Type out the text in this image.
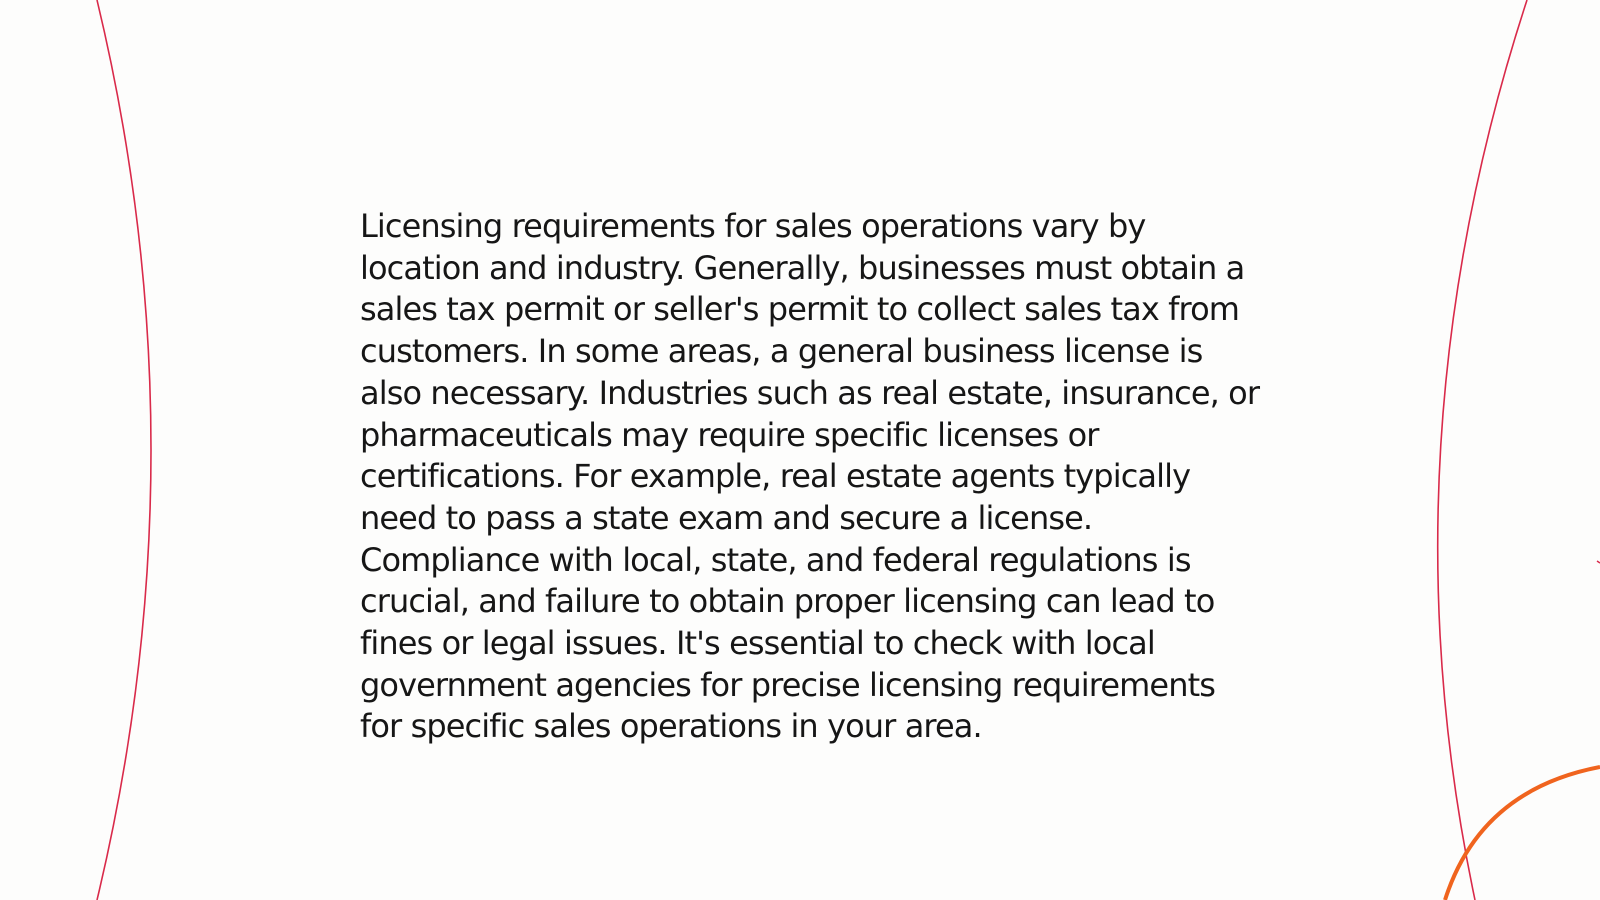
Licensing requirements for sales operations vary by location and industry. Generally, businesses must obtain a sales tax permit or seller's permit to collect sales tax from customers. In some areas, a general business license is also necessary. Industries such as real estate, insurance, or pharmaceuticals may require specific licenses or certifications. For example, real estate agents typically need to pass a state exam and secure a license. Compliance with local, state, and federal regulations is crucial, and failure to obtain proper licensing can lead to fines or legal issues. It's essential to check with local government agencies for precise licensing requirements for specific sales operations in your area.
